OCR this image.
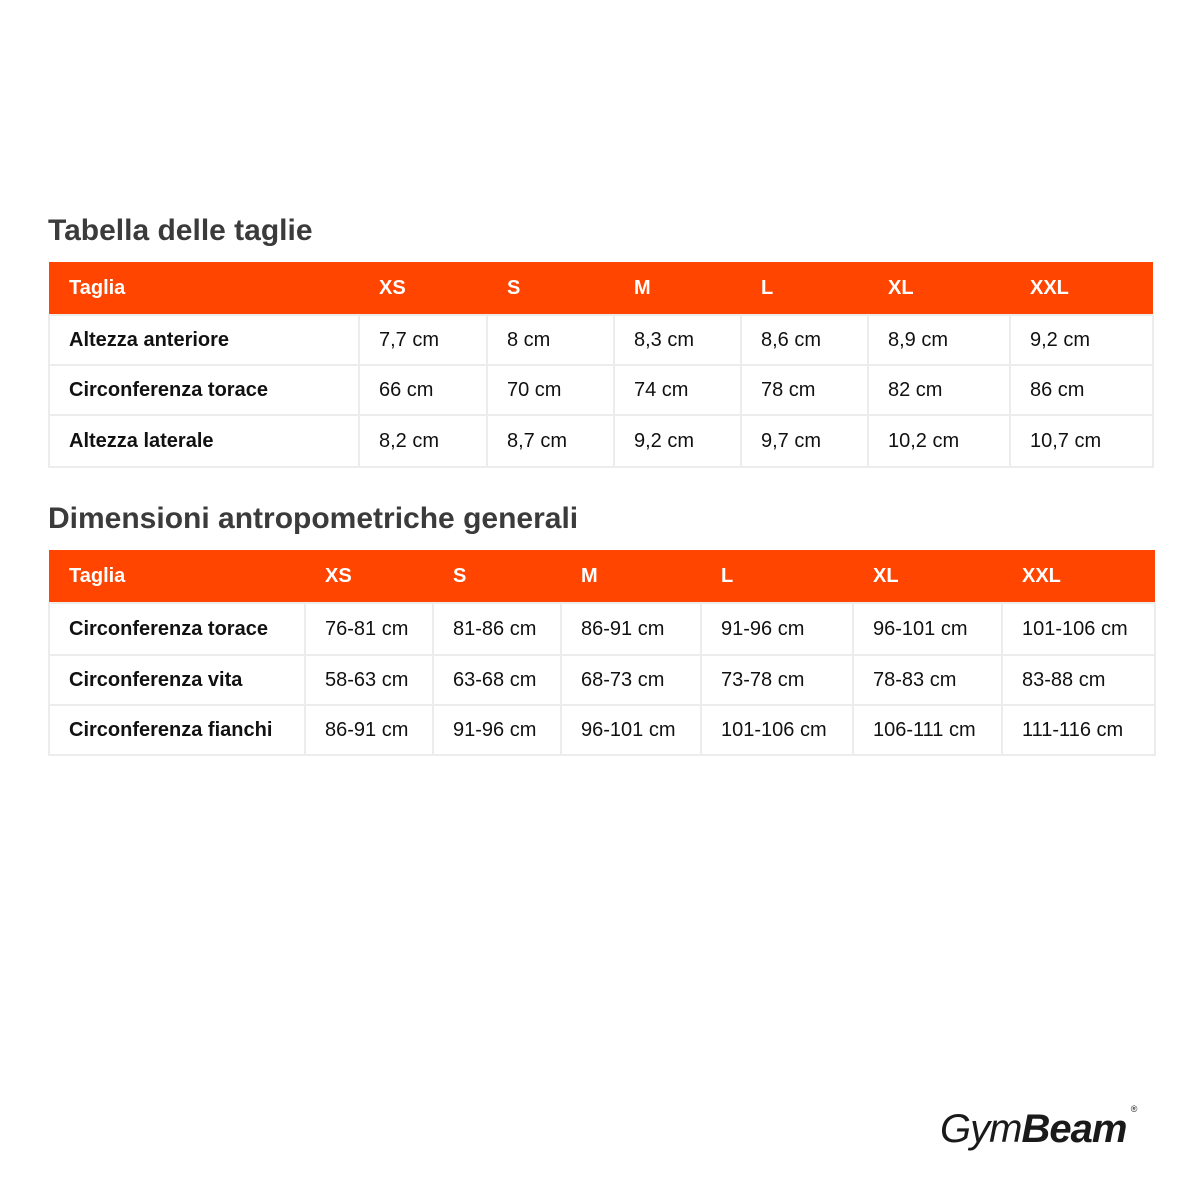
Tabella delle taglie
Taglia	XS	S	M	L	XL	XXL
Altezza anteriore	7,7 cm	8 cm	8,3 cm	8,6 cm	8,9 cm	9,2 cm
Circonferenza torace	66 cm	70 cm	74 cm	78 cm	82 cm	86 cm
Altezza laterale	8,2 cm	8,7 cm	9,2 cm	9,7 cm	10,2 cm	10,7 cm
Dimensioni antropometriche generali
Taglia	XS	S	M	L	XL	XXL
Circonferenza torace	76-81 cm	81-86 cm	86-91 cm	91-96 cm	96-101 cm	101-106 cm
Circonferenza vita	58-63 cm	63-68 cm	68-73 cm	73-78 cm	78-83 cm	83-88 cm
Circonferenza fianchi	86-91 cm	91-96 cm	96-101 cm	101-106 cm	106-111 cm	111-116 cm
GymBeam ®
